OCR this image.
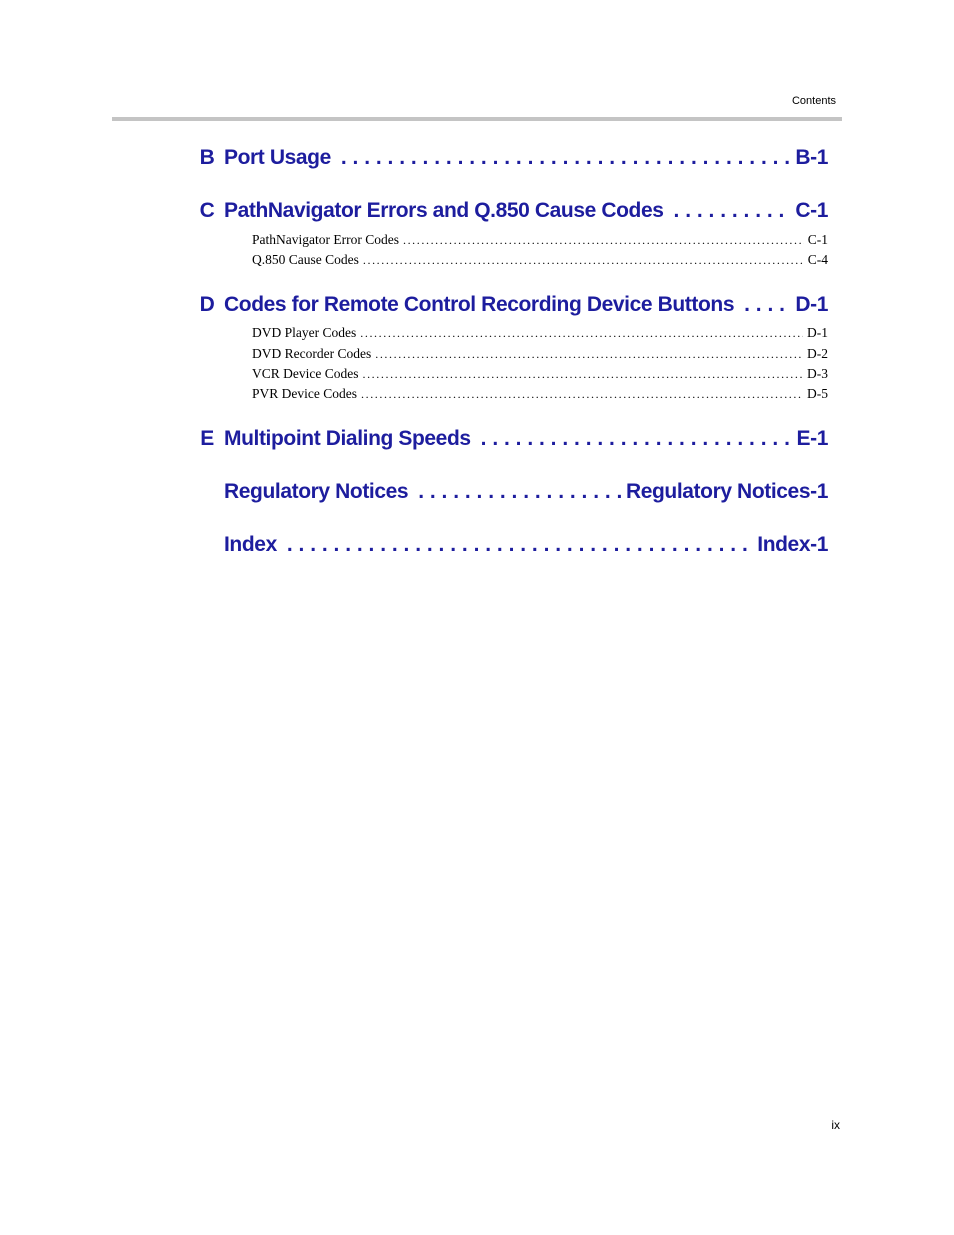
Contents
B Port Usage . . .	B-1
C PathNavigator Errors and Q.850 Cause Codes . . .	C-1
PathNavigator Error Codes .....	C-1
Q.850 Cause Codes .....	C-4
D Codes for Remote Control Recording Device Buttons . . .	D-1
DVD Player Codes .....	D-1
DVD Recorder Codes .....	D-2
VCR Device Codes .....	D-3
PVR Device Codes .....	D-5
E Multipoint Dialing Speeds . . .	E-1
Regulatory Notices . . .	Regulatory Notices-1
Index . . .	Index-1
ix
